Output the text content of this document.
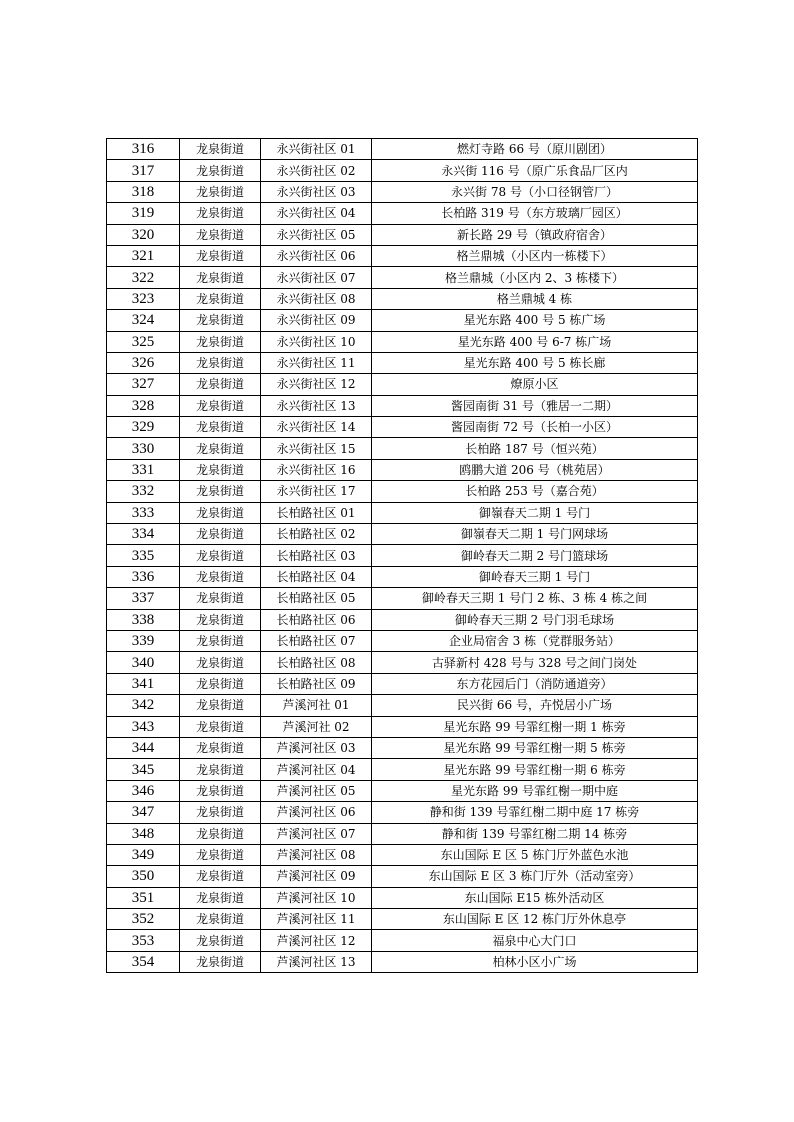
316	龙泉街道	永兴街社区 01	燃灯寺路 66 号（原川剧团）
317	龙泉街道	永兴街社区 02	永兴街 116 号（原广乐食品厂区内
318	龙泉街道	永兴街社区 03	永兴街 78 号（小口径钢管厂）
319	龙泉街道	永兴街社区 04	长柏路 319 号（东方玻璃厂园区）
320	龙泉街道	永兴街社区 05	新长路 29 号（镇政府宿舍）
321	龙泉街道	永兴街社区 06	格兰鼎城（小区内一栋楼下）
322	龙泉街道	永兴街社区 07	格兰鼎城（小区内 2、3 栋楼下）
323	龙泉街道	永兴街社区 08	格兰鼎城 4 栋
324	龙泉街道	永兴街社区 09	星光东路 400 号 5 栋广场
325	龙泉街道	永兴街社区 10	星光东路 400 号 6-7 栋广场
326	龙泉街道	永兴街社区 11	星光东路 400 号 5 栋长廊
327	龙泉街道	永兴街社区 12	燎原小区
328	龙泉街道	永兴街社区 13	酱园南街 31 号（雅居一二期）
329	龙泉街道	永兴街社区 14	酱园南街 72 号（长柏一小区）
330	龙泉街道	永兴街社区 15	长柏路 187 号（恒兴苑）
331	龙泉街道	永兴街社区 16	鸥鹏大道 206 号（桃苑居）
332	龙泉街道	永兴街社区 17	长柏路 253 号（嘉合苑）
333	龙泉街道	长柏路社区 01	御嶺春天二期 1 号门
334	龙泉街道	长柏路社区 02	御嶺春天二期 1 号门网球场
335	龙泉街道	长柏路社区 03	御岭春天二期 2 号门篮球场
336	龙泉街道	长柏路社区 04	御岭春天三期 1 号门
337	龙泉街道	长柏路社区 05	御岭春天三期 1 号门 2 栋、3 栋 4 栋之间
338	龙泉街道	长柏路社区 06	御岭春天三期 2 号门羽毛球场
339	龙泉街道	长柏路社区 07	企业局宿舍 3 栋（党群服务站）
340	龙泉街道	长柏路社区 08	古驿新村 428 号与 328 号之间门岗处
341	龙泉街道	长柏路社区 09	东方花园后门（消防通道旁）
342	龙泉街道	芦溪河社 01	民兴街 66 号，卉悦居小广场
343	龙泉街道	芦溪河社 02	星光东路 99 号霏红榭一期 1 栋旁
344	龙泉街道	芦溪河社区 03	星光东路 99 号霏红榭一期 5 栋旁
345	龙泉街道	芦溪河社区 04	星光东路 99 号霏红榭一期 6 栋旁
346	龙泉街道	芦溪河社区 05	星光东路 99 号霏红榭一期中庭
347	龙泉街道	芦溪河社区 06	静和街 139 号霏红榭二期中庭 17 栋旁
348	龙泉街道	芦溪河社区 07	静和街 139 号霏红榭二期 14 栋旁
349	龙泉街道	芦溪河社区 08	东山国际 E 区 5 栋门厅外蓝色水池
350	龙泉街道	芦溪河社区 09	东山国际 E 区 3 栋门厅外（活动室旁）
351	龙泉街道	芦溪河社区 10	东山国际 E15 栋外活动区
352	龙泉街道	芦溪河社区 11	东山国际 E 区 12 栋门厅外休息亭
353	龙泉街道	芦溪河社区 12	福泉中心大门口
354	龙泉街道	芦溪河社区 13	柏林小区小广场
